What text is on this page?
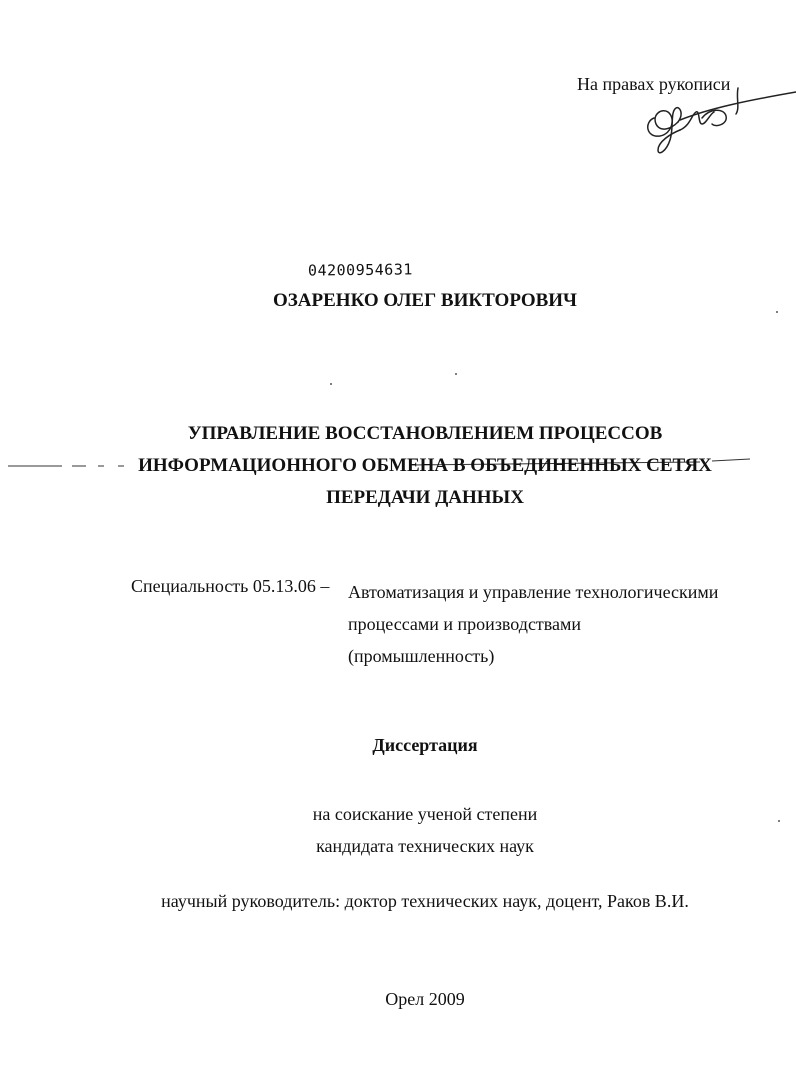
На правах рукописи

04200954631

ОЗАРЕНКО ОЛЕГ ВИКТОРОВИЧ

УПРАВЛЕНИЕ ВОССТАНОВЛЕНИЕМ ПРОЦЕССОВ
ИНФОРМАЦИОННОГО ОБМЕНА В ОБЪЕДИНЕННЫХ СЕТЯХ
ПЕРЕДАЧИ ДАННЫХ

Специальность 05.13.06 – Автоматизация и управление технологическими
процессами и производствами
(промышленность)

Диссертация

на соискание ученой степени
кандидата технических наук

научный руководитель: доктор технических наук, доцент, Раков В.И.

Орел 2009
